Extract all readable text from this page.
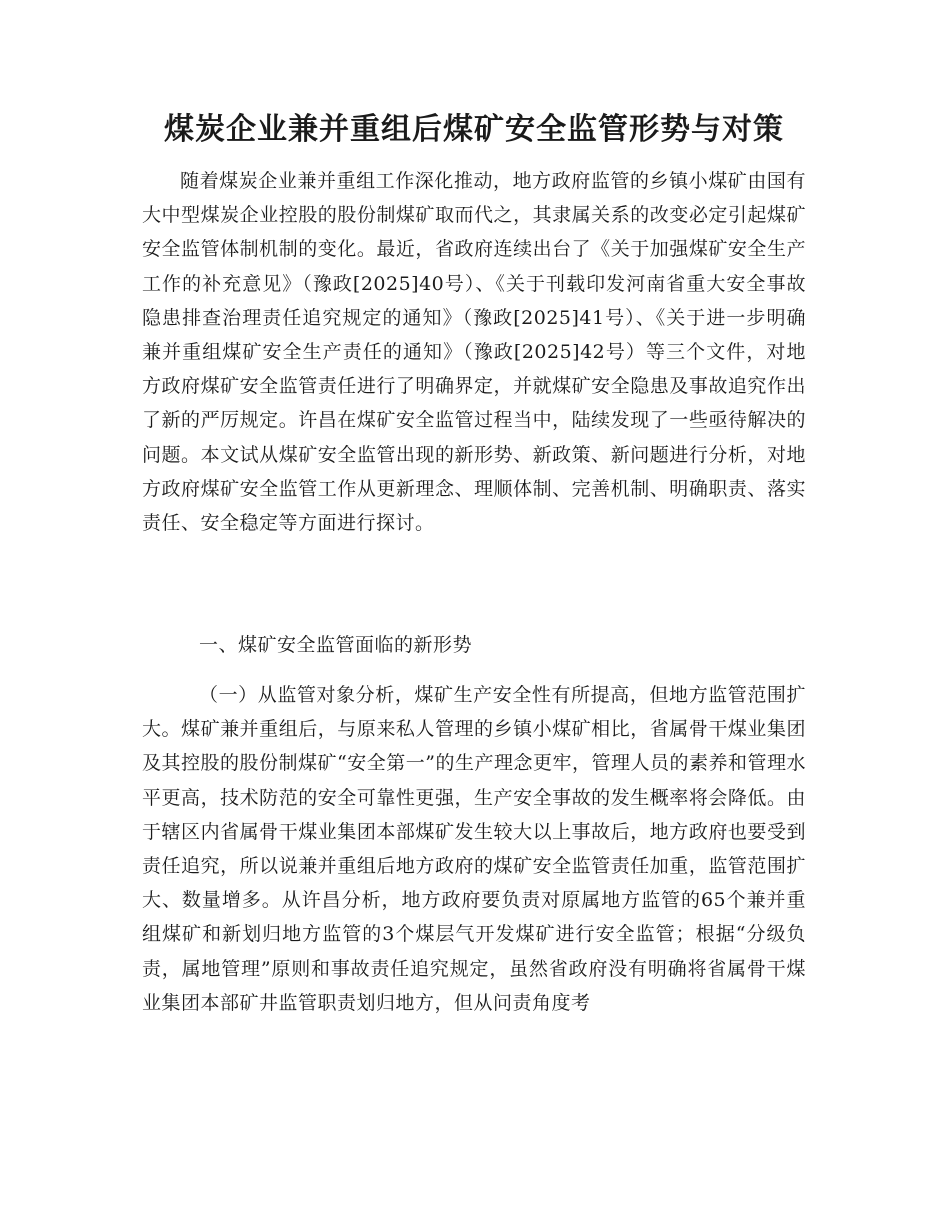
煤炭企业兼并重组后煤矿安全监管形势与对策

随着煤炭企业兼并重组工作深化推动，地方政府监管的乡镇小煤矿由国有大中型煤炭企业控股的股份制煤矿取而代之，其隶属关系的改变必定引起煤矿安全监管体制机制的变化。最近，省政府连续出台了《关于加强煤矿安全生产工作的补充意见》（豫政[2025]40号）、《关于刊载印发河南省重大安全事故隐患排查治理责任追究规定的通知》（豫政[2025]41号）、《关于进一步明确兼并重组煤矿安全生产责任的通知》（豫政[2025]42号）等三个文件，对地方政府煤矿安全监管责任进行了明确界定，并就煤矿安全隐患及事故追究作出了新的严厉规定。许昌在煤矿安全监管过程当中，陆续发现了一些亟待解决的问题。本文试从煤矿安全监管出现的新形势、新政策、新问题进行分析，对地方政府煤矿安全监管工作从更新理念、理顺体制、完善机制、明确职责、落实责任、安全稳定等方面进行探讨。

一、煤矿安全监管面临的新形势

（一）从监管对象分析，煤矿生产安全性有所提高，但地方监管范围扩大。煤矿兼并重组后，与原来私人管理的乡镇小煤矿相比，省属骨干煤业集团及其控股的股份制煤矿“安全第一”的生产理念更牢，管理人员的素养和管理水平更高，技术防范的安全可靠性更强，生产安全事故的发生概率将会降低。由于辖区内省属骨干煤业集团本部煤矿发生较大以上事故后，地方政府也要受到责任追究，所以说兼并重组后地方政府的煤矿安全监管责任加重，监管范围扩大、数量增多。从许昌分析，地方政府要负责对原属地方监管的65个兼并重组煤矿和新划归地方监管的3个煤层气开发煤矿进行安全监管；根据“分级负责，属地管理”原则和事故责任追究规定，虽然省政府没有明确将省属骨干煤业集团本部矿井监管职责划归地方，但从问责角度考
